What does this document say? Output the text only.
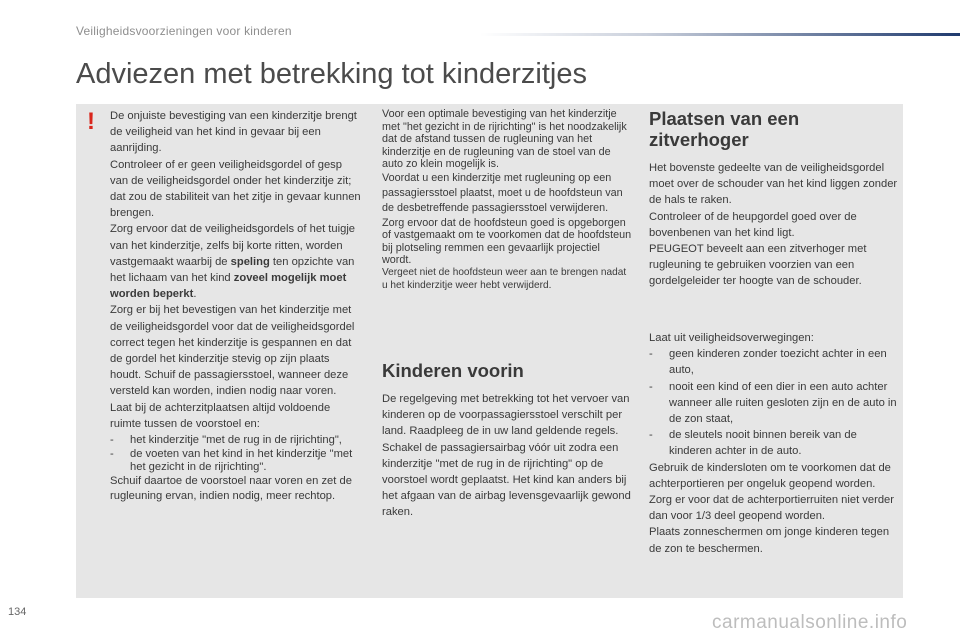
Veiligheidsvoorzieningen voor kinderen
Adviezen met betrekking tot kinderzitjes
! De onjuiste bevestiging van een kinderzitje brengt de veiligheid van het kind in gevaar bij een aanrijding.

Controleer of er geen veiligheidsgordel of gesp van de veiligheidsgordel onder het kinderzitje zit; dat zou de stabiliteit van het zitje in gevaar kunnen brengen.

Zorg ervoor dat de veiligheidsgordels of het tuigje van het kinderzitje, zelfs bij korte ritten, worden vastgemaakt waarbij de speling ten opzichte van het lichaam van het kind zoveel mogelijk moet worden beperkt.

Zorg er bij het bevestigen van het kinderzitje met de veiligheidsgordel voor dat de veiligheidsgordel correct tegen het kinderzitje is gespannen en dat de gordel het kinderzitje stevig op zijn plaats houdt. Schuif de passagiersstoel, wanneer deze versteld kan worden, indien nodig naar voren.

Laat bij de achterzitplaatsen altijd voldoende ruimte tussen de voorstoel en:

-	het kinderzitje "met de rug in de rijrichting",
-	de voeten van het kind in het kinderzitje "met het gezicht in de rijrichting".

Schuif daartoe de voorstoel naar voren en zet de rugleuning ervan, indien nodig, meer rechtop.

Voor een optimale bevestiging van het kinderzitje met "het gezicht in de rijrichting" is het noodzakelijk dat de afstand tussen de rugleuning van het kinderzitje en de rugleuning van de stoel van de auto zo klein mogelijk is.

Voordat u een kinderzitje met rugleuning op een passagiersstoel plaatst, moet u de hoofdsteun van de desbetreffende passagiersstoel verwijderen.

Zorg ervoor dat de hoofdsteun goed is opgeborgen of vastgemaakt om te voorkomen dat de hoofdsteun bij plotseling remmen een gevaarlijk projectiel wordt.

Vergeet niet de hoofdsteun weer aan te brengen nadat u het kinderzitje weer hebt verwijderd.

Kinderen voorin

De regelgeving met betrekking tot het vervoer van kinderen op de voorpassagiersstoel verschilt per land. Raadpleeg de in uw land geldende regels.

Schakel de passagiersairbag vóór uit zodra een kinderzitje "met de rug in de rijrichting" op de voorstoel wordt geplaatst. Het kind kan anders bij het afgaan van de airbag levensgevaarlijk gewond raken.

Plaatsen van een zitverhoger

Het bovenste gedeelte van de veiligheidsgordel moet over de schouder van het kind liggen zonder de hals te raken.

Controleer of de heupgordel goed over de bovenbenen van het kind ligt.

PEUGEOT beveelt aan een zitverhoger met rugleuning te gebruiken voorzien van een gordelgeleider ter hoogte van de schouder.

Laat uit veiligheidsoverwegingen:

-	geen kinderen zonder toezicht achter in een auto,
-	nooit een kind of een dier in een auto achter wanneer alle ruiten gesloten zijn en de auto in de zon staat,
-	de sleutels nooit binnen bereik van de kinderen achter in de auto.

Gebruik de kindersloten om te voorkomen dat de achterportieren per ongeluk geopend worden.

Zorg er voor dat de achterportierruiten niet verder dan voor 1/3 deel geopend worden.

Plaats zonneschermen om jonge kinderen tegen de zon te beschermen.

134	carmanualsonline.info
